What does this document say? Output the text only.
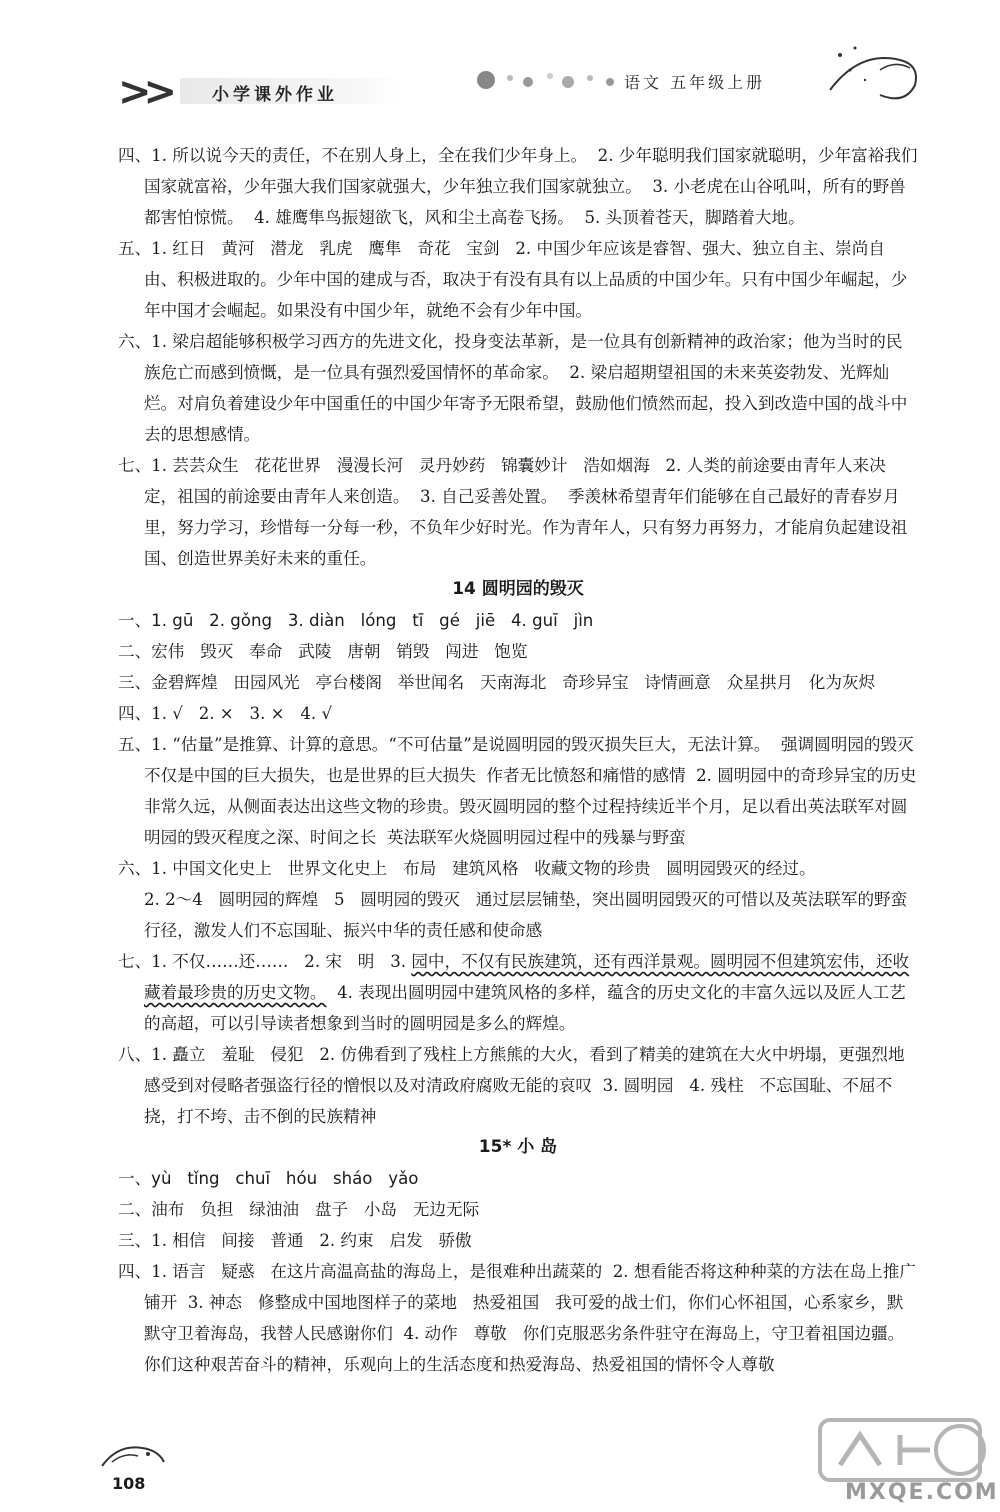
>>	小学课外作业
语文 五年级上册

四、1. 所以说今天的责任，不在别人身上，全在我们少年身上。  2. 少年聪明我们国家就聪明，少年富裕我们国家就富裕，少年强大我们国家就强大，少年独立我们国家就独立。  3. 小老虎在山谷吼叫，所有的野兽都害怕惊慌。  4. 雄鹰隼鸟振翅欲飞，风和尘土高卷飞扬。  5. 头顶着苍天，脚踏着大地。

五、1. 红日   黄河   潜龙   乳虎   鹰隼   奇花   宝剑   2. 中国少年应该是睿智、强大、独立自主、崇尚自由、积极进取的。少年中国的建成与否，取决于有没有具有以上品质的中国少年。只有中国少年崛起，少年中国才会崛起。如果没有中国少年，就绝不会有少年中国。

六、1. 梁启超能够积极学习西方的先进文化，投身变法革新，是一位具有创新精神的政治家；他为当时的民族危亡而感到愤慨，是一位具有强烈爱国情怀的革命家。  2. 梁启超期望祖国的未来英姿勃发、光辉灿烂。对肩负着建设少年中国重任的中国少年寄予无限希望，鼓励他们愤然而起，投入到改造中国的战斗中去的思想感情。

七、1. 芸芸众生   花花世界   漫漫长河   灵丹妙药   锦囊妙计   浩如烟海   2. 人类的前途要由青年人来决定，祖国的前途要由青年人来创造。  3. 自己妥善处置。  季羡林希望青年们能够在自己最好的青春岁月里，努力学习，珍惜每一分每一秒，不负年少好时光。作为青年人，只有努力再努力，才能肩负起建设祖国、创造世界美好未来的重任。

14 圆明园的毁灭

一、1. gū   2. gǒng   3. diàn   lóng   tī   gé   jiē   4. guī   jìn

二、宏伟   毁灭   奉命   武陵   唐朝   销毁   闯进   饱览

三、金碧辉煌   田园风光   亭台楼阁   举世闻名   天南海北   奇珍异宝   诗情画意   众星拱月   化为灰烬

四、1. √   2. ×   3. ×   4. √

五、1. “估量”是推算、计算的意思。“不可估量”是说圆明园的毁灭损失巨大，无法计算。  强调圆明园的毁灭不仅是中国的巨大损失，也是世界的巨大损失  作者无比愤怒和痛惜的感情  2. 圆明园中的奇珍异宝的历史非常久远，从侧面表达出这些文物的珍贵。毁灭圆明园的整个过程持续近半个月，足以看出英法联军对圆明园的毁灭程度之深、时间之长  英法联军火烧圆明园过程中的残暴与野蛮

六、1. 中国文化史上   世界文化史上   布局   建筑风格   收藏文物的珍贵   圆明园毁灭的经过。

2. 2～4   圆明园的辉煌   5   圆明园的毁灭   通过层层铺垫，突出圆明园毁灭的可惜以及英法联军的野蛮行径，激发人们不忘国耻、振兴中华的责任感和使命感

七、1. 不仅……还……   2. 宋   明   3. 园中，不仅有民族建筑，还有西洋景观。圆明园不但建筑宏伟，还收藏着最珍贵的历史文物。  4. 表现出圆明园中建筑风格的多样，蕴含的历史文化的丰富久远以及匠人工艺的高超，可以引导读者想象到当时的圆明园是多么的辉煌。

八、1. 矗立   羞耻   侵犯   2. 仿佛看到了残柱上方熊熊的大火，看到了精美的建筑在大火中坍塌，更强烈地感受到对侵略者强盗行径的憎恨以及对清政府腐败无能的哀叹  3. 圆明园   4. 残柱   不忘国耻、不屈不挠，打不垮、击不倒的民族精神

15* 小 岛

一、yù   tǐng   chuī   hóu   sháo   yǎo

二、油布   负担   绿油油   盘子   小岛   无边无际

三、1. 相信   间接   普通   2. 约束   启发   骄傲

四、1. 语言   疑惑   在这片高温高盐的海岛上，是很难种出蔬菜的  2. 想看能否将这种种菜的方法在岛上推广铺开  3. 神态   修整成中国地图样子的菜地   热爱祖国   我可爱的战士们，你们心怀祖国，心系家乡，默默守卫着海岛，我替人民感谢你们  4. 动作   尊敬   你们克服恶劣条件驻守在海岛上，守卫着祖国边疆。你们这种艰苦奋斗的精神，乐观向上的生活态度和热爱海岛、热爱祖国的情怀令人尊敬

108	MXQE.COM
